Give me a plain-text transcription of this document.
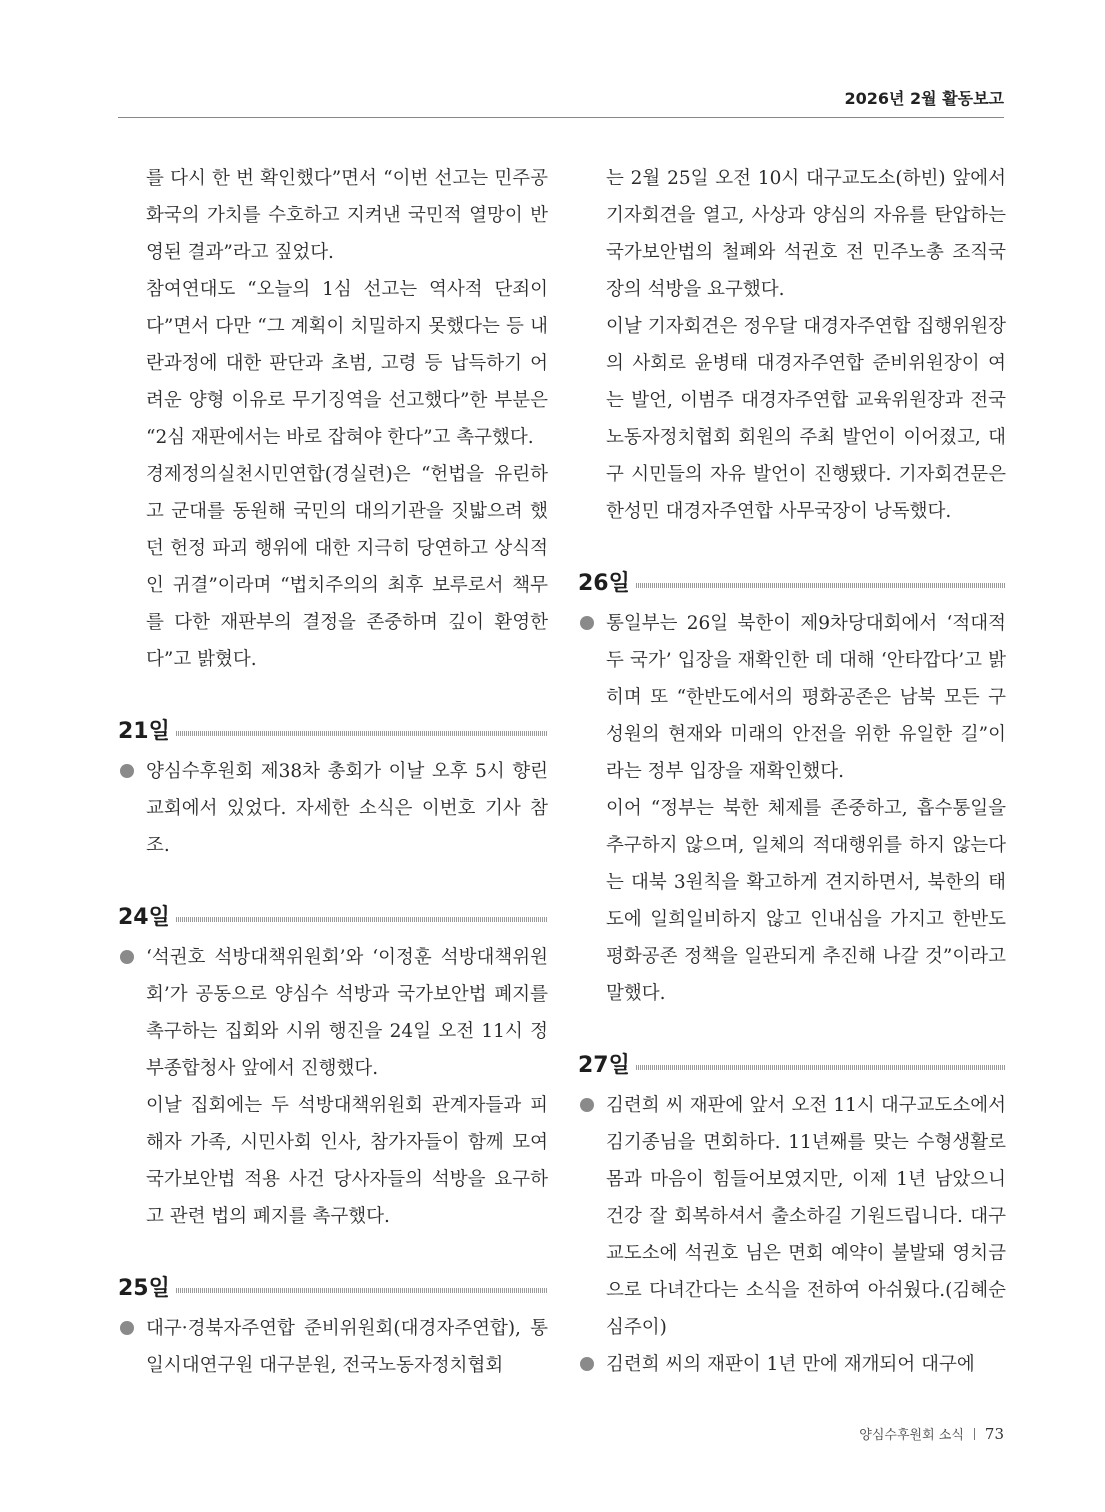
2026년 2월 활동보고

를 다시 한 번 확인했다”면서 “이번 선고는 민주공화국의 가치를 수호하고 지켜낸 국민적 열망이 반영된 결과”라고 짚었다.

참여연대도 “오늘의 1심 선고는 역사적 단죄이다”면서 다만 “그 계획이 치밀하지 못했다는 등 내란과정에 대한 판단과 초범, 고령 등 납득하기 어려운 양형 이유로 무기징역을 선고했다”한 부분은 “2심 재판에서는 바로 잡혀야 한다”고 촉구했다.

경제정의실천시민연합(경실련)은 “헌법을 유린하고 군대를 동원해 국민의 대의기관을 짓밟으려 했던 헌정 파괴 행위에 대한 지극히 당연하고 상식적인 귀결”이라며 “법치주의의 최후 보루로서 책무를 다한 재판부의 결정을 존중하며 깊이 환영한다”고 밝혔다.

21일

양심수후원회 제38차 총회가 이날 오후 5시 향린교회에서 있었다. 자세한 소식은 이번호 기사 참조.

24일

‘석권호 석방대책위원회’와 ‘이정훈 석방대책위원회’가 공동으로 양심수 석방과 국가보안법 폐지를 촉구하는 집회와 시위 행진을 24일 오전 11시 정부종합청사 앞에서 진행했다.

이날 집회에는 두 석방대책위원회 관계자들과 피해자 가족, 시민사회 인사, 참가자들이 함께 모여 국가보안법 적용 사건 당사자들의 석방을 요구하고 관련 법의 폐지를 촉구했다.

25일

대구·경북자주연합 준비위원회(대경자주연합), 통일시대연구원 대구분원, 전국노동자정치협회

는 2월 25일 오전 10시 대구교도소(하빈) 앞에서 기자회견을 열고, 사상과 양심의 자유를 탄압하는 국가보안법의 철폐와 석권호 전 민주노총 조직국장의 석방을 요구했다.

이날 기자회견은 정우달 대경자주연합 집행위원장의 사회로 윤병태 대경자주연합 준비위원장이 여는 발언, 이범주 대경자주연합 교육위원장과 전국노동자정치협회 회원의 주최 발언이 이어졌고, 대구 시민들의 자유 발언이 진행됐다. 기자회견문은 한성민 대경자주연합 사무국장이 낭독했다.

26일

통일부는 26일 북한이 제9차당대회에서 ‘적대적 두 국가’ 입장을 재확인한 데 대해 ‘안타깝다’고 밝히며 또 “한반도에서의 평화공존은 남북 모든 구성원의 현재와 미래의 안전을 위한 유일한 길”이라는 정부 입장을 재확인했다.

이어 “정부는 북한 체제를 존중하고, 흡수통일을 추구하지 않으며, 일체의 적대행위를 하지 않는다는 대북 3원칙을 확고하게 견지하면서, 북한의 태도에 일희일비하지 않고 인내심을 가지고 한반도 평화공존 정책을 일관되게 추진해 나갈 것”이라고 말했다.

27일

김련희 씨 재판에 앞서 오전 11시 대구교도소에서 김기종님을 면회하다. 11년째를 맞는 수형생활로 몸과 마음이 힘들어보였지만, 이제 1년 남았으니 건강 잘 회복하셔서 출소하길 기원드립니다. 대구교도소에 석권호 님은 면회 예약이 불발돼 영치금으로 다녀간다는 소식을 전하여 아쉬웠다.(김혜순 심주이)

김련희 씨의 재판이 1년 만에 재개되어 대구에

양심수후원회 소식 73
